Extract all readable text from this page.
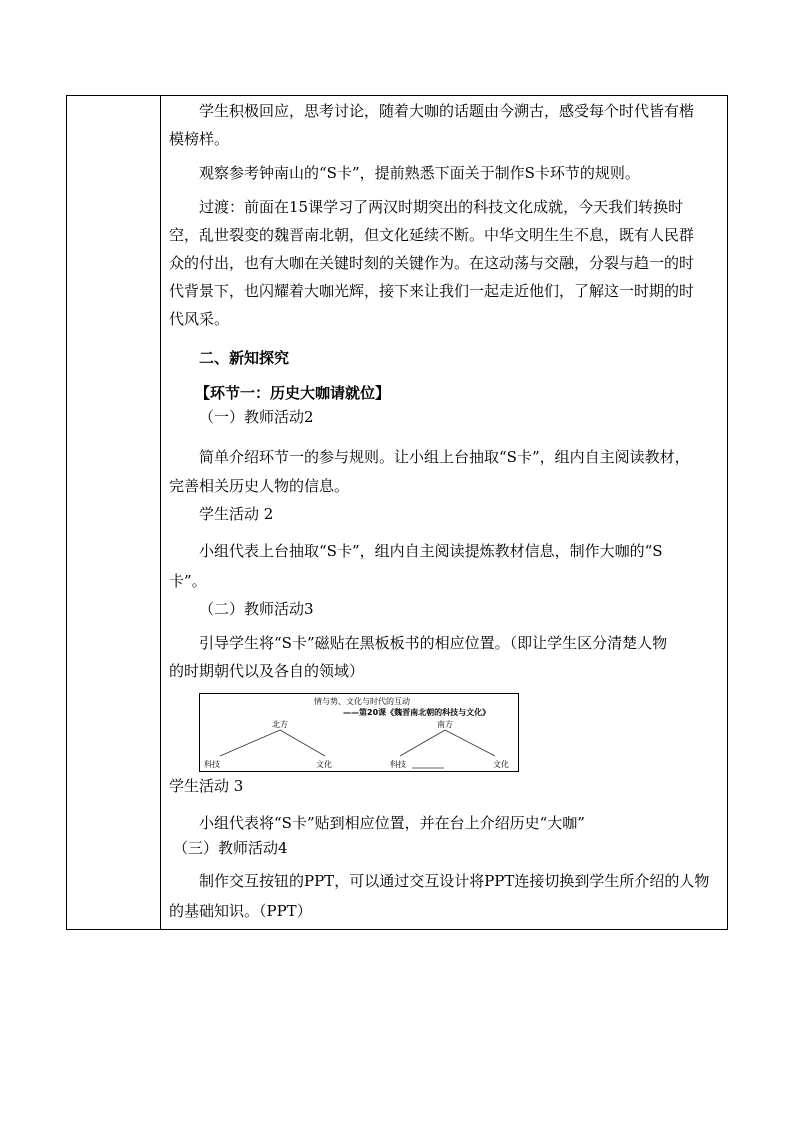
学生积极回应，思考讨论，随着大咖的话题由今溯古，感受每个时代皆有楷
模榜样。
观察参考钟南山的“S卡”，提前熟悉下面关于制作S卡环节的规则。
过渡：前面在15课学习了两汉时期突出的科技文化成就，今天我们转换时
空，乱世裂变的魏晋南北朝，但文化延续不断。中华文明生生不息，既有人民群
众的付出，也有大咖在关键时刻的关键作为。在这动荡与交融，分裂与趋一的时
代背景下，也闪耀着大咖光辉，接下来让我们一起走近他们，了解这一时期的时
代风采。
二、新知探究
【环节一：历史大咖请就位】
（一）教师活动2
简单介绍环节一的参与规则。让小组上台抽取“S卡”，组内自主阅读教材，
完善相关历史人物的信息。
学生活动 2
小组代表上台抽取“S卡”，组内自主阅读提炼教材信息，制作大咖的“S
卡”。
（二）教师活动3
引导学生将“S卡”磁贴在黑板板书的相应位置。（即让学生区分清楚人物
的时期朝代以及各自的领域）
情与势、文化与时代的互动
——第20课《魏晋南北朝的科技与文化》
北方	南方
科技	文化	科技	文化
学生活动 3
小组代表将“S卡”贴到相应位置，并在台上介绍历史“大咖”
（三）教师活动4
制作交互按钮的PPT，可以通过交互设计将PPT连接切换到学生所介绍的人物
的基础知识。（PPT）
